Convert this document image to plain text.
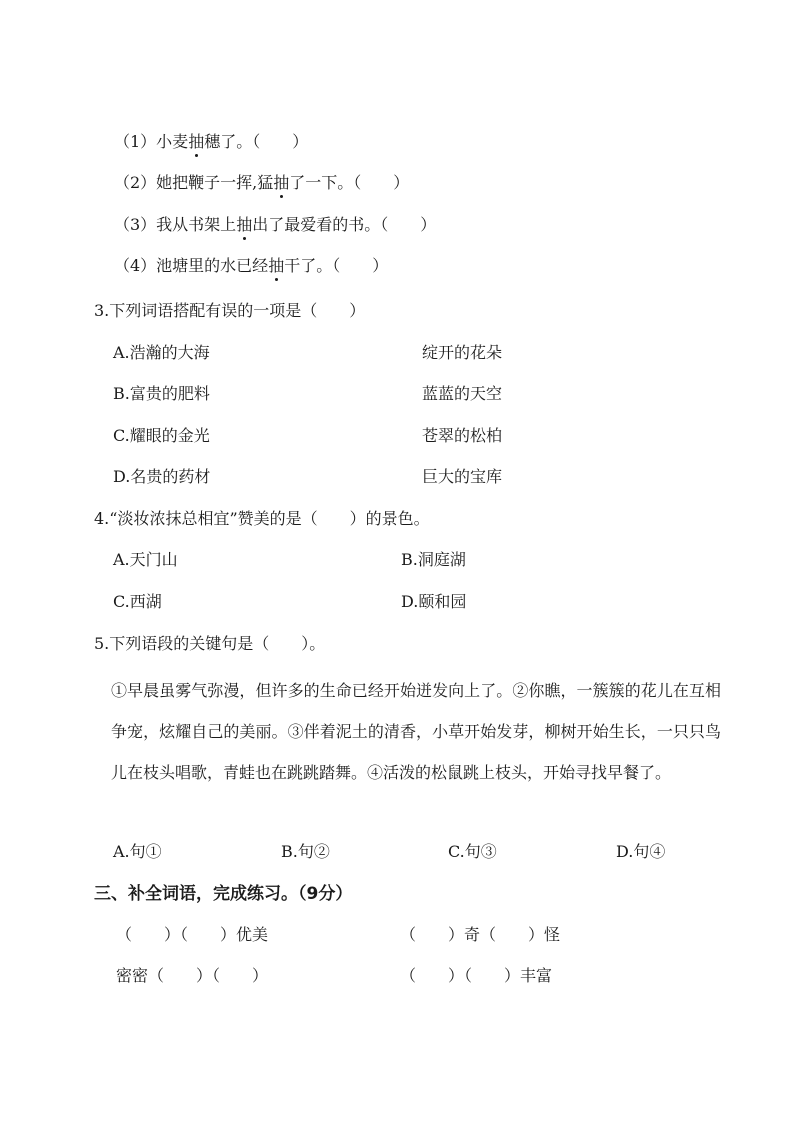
（1）小麦抽穗了。（　　）
（2）她把鞭子一挥,猛抽了一下。（　　）
（3）我从书架上抽出了最爱看的书。（　　）
（4）池塘里的水已经抽干了。（　　）
3.下列词语搭配有误的一项是（　　）
A.浩瀚的大海	绽开的花朵
B.富贵的肥料	蓝蓝的天空
C.耀眼的金光	苍翠的松柏
D.名贵的药材	巨大的宝库
4.“淡妆浓抹总相宜”赞美的是（　　）的景色。
A.天门山	B.洞庭湖
C.西湖	D.颐和园
5.下列语段的关键句是（　　）。
①早晨虽雾气弥漫，但许多的生命已经开始迸发向上了。②你瞧，一簇簇的花儿在互相争宠，炫耀自己的美丽。③伴着泥土的清香，小草开始发芽，柳树开始生长，一只只鸟儿在枝头唱歌，青蛙也在跳跳踏舞。④活泼的松鼠跳上枝头，开始寻找早餐了。
A.句①	B.句②	C.句③	D.句④
三、补全词语，完成练习。（9分）
（　　）（　　）优美	（　　）奇（　　）怪
密密（　　）（　　）	（　　）（　　）丰富
